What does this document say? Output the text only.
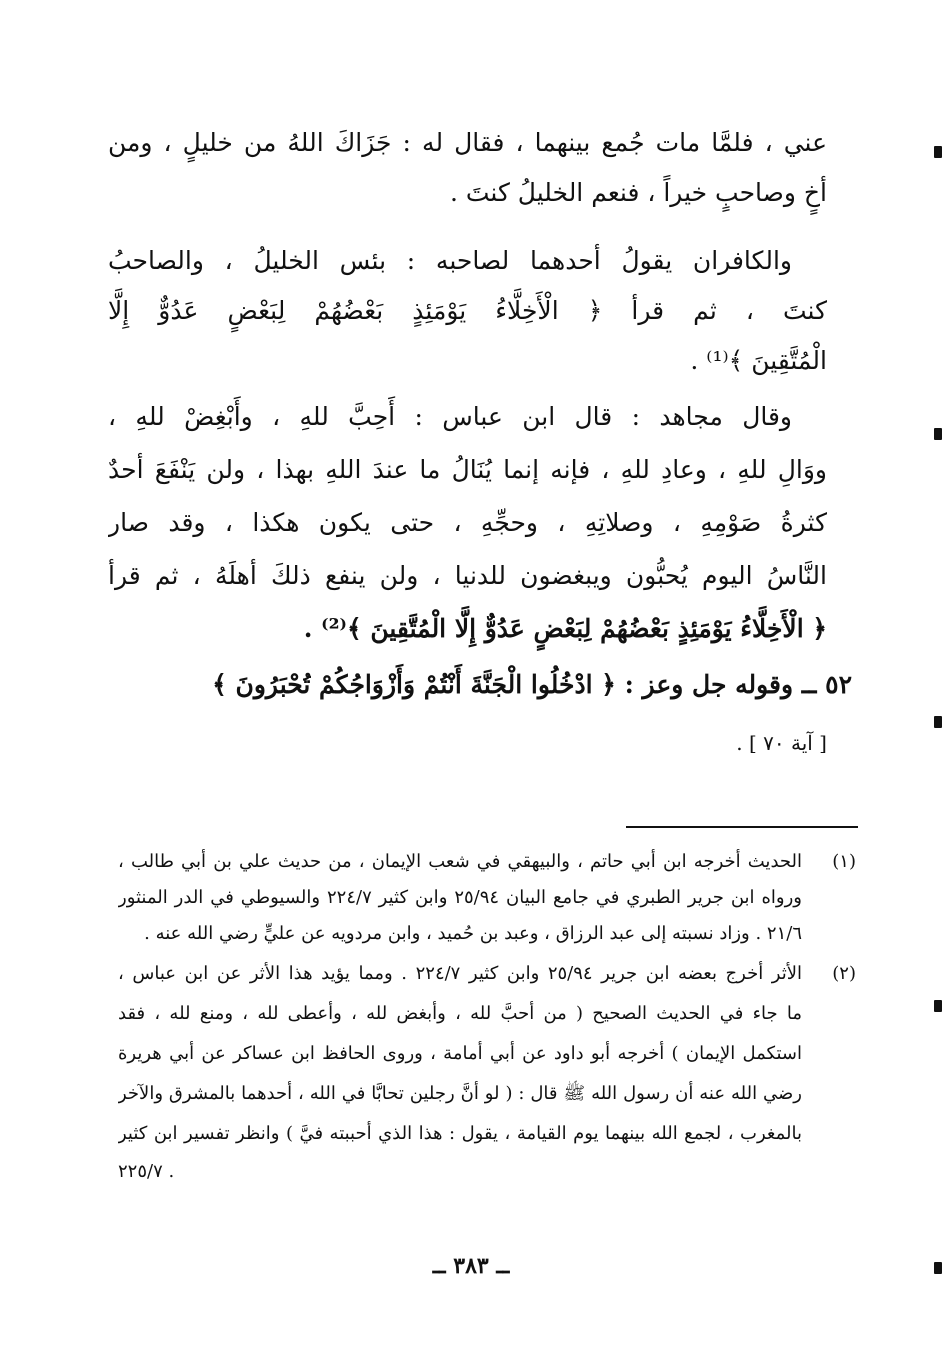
عني ، فلمَّا مات جُمع بينهما ، فقال له : جَزَاكَ اللهُ من خليلٍ ، ومن
أخٍ وصاحبٍ خيراً ، فنعم الخليلُ كنتَ .
والكافران يقولُ أحدهما لصاحبه : بئس الخليلُ ، والصاحبُ
كنتَ ، ثم قرأ ﴿ الْأَخِلَّاءُ يَوْمَئِذٍ بَعْضُهُمْ لِبَعْضٍ عَدُوٌّ إِلَّا
الْمُتَّقِينَ ﴾⁽¹⁾ .
وقال مجاهد : قال ابن عباس : أَحِبَّ للهِ ، وأَبْغِضْ للهِ ،
ووَالِ للهِ ، وعادِ للهِ ، فإنه إنما يُنَالُ ما عندَ اللهِ بهذا ، ولن يَنْفَعَ أحدٌ
كثرةُ صَوْمِهِ ، وصلاتِهِ ، وحجِّهِ ، حتى يكون هكذا ، وقد صار
النَّاسُ اليوم يُحبُّون ويبغضون للدنيا ، ولن ينفع ذلكَ أهلَهُ ، ثم قرأ
﴿ الْأَخِلَّاءُ يَوْمَئِذٍ بَعْضُهُمْ لِبَعْضٍ عَدُوٌّ إِلَّا الْمُتَّقِينَ ﴾⁽²⁾ .
٥٢ ــ وقوله جل وعز : ﴿ ادْخُلُوا الْجَنَّةَ أَنْتُمْ وَأَزْوَاجُكُمْ تُحْبَرُونَ ﴾
[ آية ٧٠ ] .
(١)
الحديث أخرجه ابن أبي حاتم ، والبيهقي في شعب الإيمان ، من حديث علي بن أبي طالب ،
ورواه ابن جرير الطبري في جامع البيان ٢٥/٩٤ وابن كثير ٢٢٤/٧ والسيوطي في الدر المنثور
٢١/٦ . وزاد نسبته إلى عبد الرزاق ، وعبد بن حُميد ، وابن مردويه عن عليٍّ رضي الله عنه .
(٢)
الأثر أخرج بعضه ابن جرير ٢٥/٩٤ وابن كثير ٢٢٤/٧ . ومما يؤيد هذا الأثر عن ابن عباس ،
ما جاء في الحديث الصحيح ( من أحبَّ لله ، وأبغض لله ، وأعطى لله ، ومنع لله ، فقد
استكمل الإيمان ) أخرجه أبو داود عن أبي أمامة ، وروى الحافظ ابن عساكر عن أبي هريرة
رضي الله عنه أن رسول الله ﷺ قال : ( لو أنَّ رجلين تحابَّا في الله ، أحدهما بالمشرق والآخر
بالمغرب ، لجمع الله بينهما يوم القيامة ، يقول : هذا الذي أحببته فيَّ ) وانظر تفسير ابن كثير
٢٢٥/٧ .
ــ ٣٨٣ ــ
